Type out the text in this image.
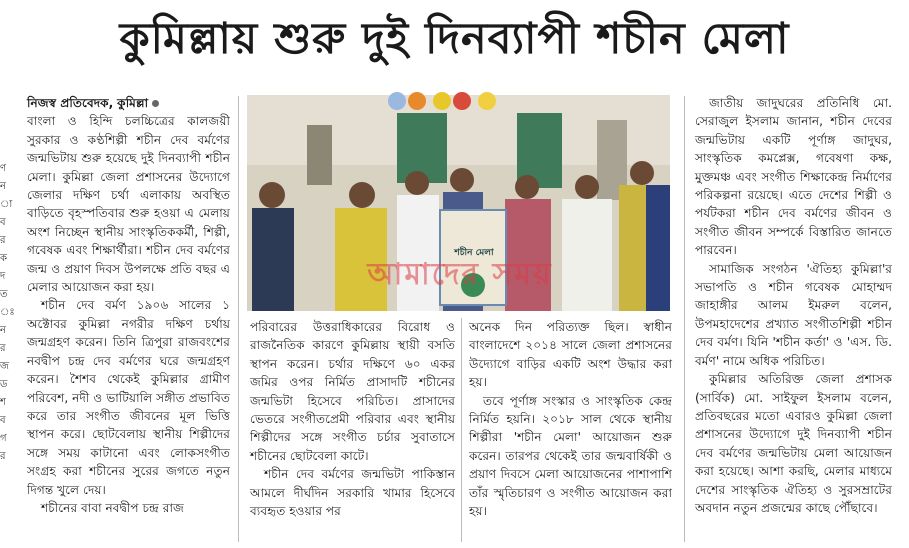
কুমিল্লায় শুরু দুই দিনব্যাপী শচীন মেলা
ণ ন া ব র ক দ ত ঃ ন র জ ড শ ব গ র

নিজস্ব প্রতিবেদক, কুমিল্লা

বাংলা ও হিন্দি চলচ্চিত্রের কালজয়ী সুরকার ও কণ্ঠশিল্পী শচীন দেব বর্মণের জন্মভিটায় শুরু হয়েছে দুই দিনব্যাপী শচীন মেলা। কুমিল্লা জেলা প্রশাসনের উদ্যোগে জেলার দক্ষিণ চর্থা এলাকায় অবস্থিত বাড়িতে বৃহস্পতিবার শুরু হওয়া এ মেলায় অংশ নিচ্ছেন স্থানীয় সাংস্কৃতিককর্মী, শিল্পী, গবেষক এবং শিক্ষার্থীরা। শচীন দেব বর্মণের জন্ম ও প্রয়াণ দিবস উপলক্ষে প্রতি বছর এ মেলার আয়োজন করা হয়।

শচীন দেব বর্মণ ১৯০৬ সালের ১ অক্টোবর কুমিল্লা নগরীর দক্ষিণ চর্থায় জন্মগ্রহণ করেন। তিনি ত্রিপুরা রাজবংশের নবদ্বীপ চন্দ্র দেব বর্মণের ঘরে জন্মগ্রহণ করেন। শৈশব থেকেই কুমিল্লার গ্রামীণ পরিবেশ, নদী ও ভাটিয়ালি সঙ্গীত প্রভাবিত করে তার সংগীত জীবনের মূল ভিত্তি স্থাপন করে। ছোটবেলায় স্থানীয় শিল্পীদের সঙ্গে সময় কাটানো এবং লোকসংগীত সংগ্রহ করা শচীনের সুরের জগতে নতুন দিগন্ত খুলে দেয়।

শচীনের বাবা নবদ্বীপ চন্দ্র রাজ

শচীন মেলা
আমাদের সময়

পরিবারের উত্তরাধিকারের বিরোধ ও রাজনৈতিক কারণে কুমিল্লায় স্থায়ী বসতি স্থাপন করেন। চর্থার দক্ষিণে ৬০ একর জমির ওপর নির্মিত প্রাসাদটি শচীনের জন্মভিটা হিসেবে পরিচিত। প্রাসাদের ভেতরে সংগীতপ্রেমী পরিবার এবং স্থানীয় শিল্পীদের সঙ্গে সংগীত চর্চার সুবাতাসে শচীনের ছোটবেলা কাটে।

শচীন দেব বর্মণের জন্মভিটা পাকিস্তান আমলে দীর্ঘদিন সরকারি খামার হিসেবে ব্যবহৃত হওয়ার পর

অনেক দিন পরিত্যক্ত ছিল। স্বাধীন বাংলাদেশে ২০১৪ সালে জেলা প্রশাসনের উদ্যোগে বাড়ির একটি অংশ উদ্ধার করা হয়।

তবে পূর্ণাঙ্গ সংস্কার ও সাংস্কৃতিক কেন্দ্র নির্মিত হয়নি। ২০১৮ সাল থেকে স্থানীয় শিল্পীরা 'শচীন মেলা' আয়োজন শুরু করেন। তারপর থেকেই তার জন্মবার্ষিকী ও প্রয়াণ দিবসে মেলা আয়োজনের পাশাপাশি তাঁর স্মৃতিচারণ ও সংগীত আয়োজন করা হয়।

জাতীয় জাদুঘরের প্রতিনিধি মো. সেরাজুল ইসলাম জানান, শচীন দেবের জন্মভিটায় একটি পূর্ণাঙ্গ জাদুঘর, সাংস্কৃতিক কমপ্লেক্স, গবেষণা কক্ষ, মুক্তমঞ্চ এবং সংগীত শিক্ষাকেন্দ্র নির্মাণের পরিকল্পনা রয়েছে। এতে দেশের শিল্পী ও পর্যটকরা শচীন দেব বর্মণের জীবন ও সংগীত জীবন সম্পর্কে বিস্তারিত জানতে পারবেন।

সামাজিক সংগঠন 'ঐতিহ্য কুমিল্লা'র সভাপতি ও শচীন গবেষক মোহাম্মদ জাহাঙ্গীর আলম ইমরুল বলেন, উপমহাদেশের প্রখ্যাত সংগীতশিল্পী শচীন দেব বর্মণ। যিনি 'শচীন কর্তা' ও 'এস. ডি. বর্মণ' নামে অধিক পরিচিত।

কুমিল্লার অতিরিক্ত জেলা প্রশাসক (সার্বিক) মো. সাইফুল ইসলাম বলেন, প্রতিবছরের মতো এবারও কুমিল্লা জেলা প্রশাসনের উদ্যোগে দুই দিনব্যাপী শচীন দেব বর্মণের জন্মভিটায় মেলা আয়োজন করা হয়েছে। আশা করছি, মেলার মাধ্যমে দেশের সাংস্কৃতিক ঐতিহ্য ও সুরসম্রাটের অবদান নতুন প্রজন্মের কাছে পৌঁছাবে।
